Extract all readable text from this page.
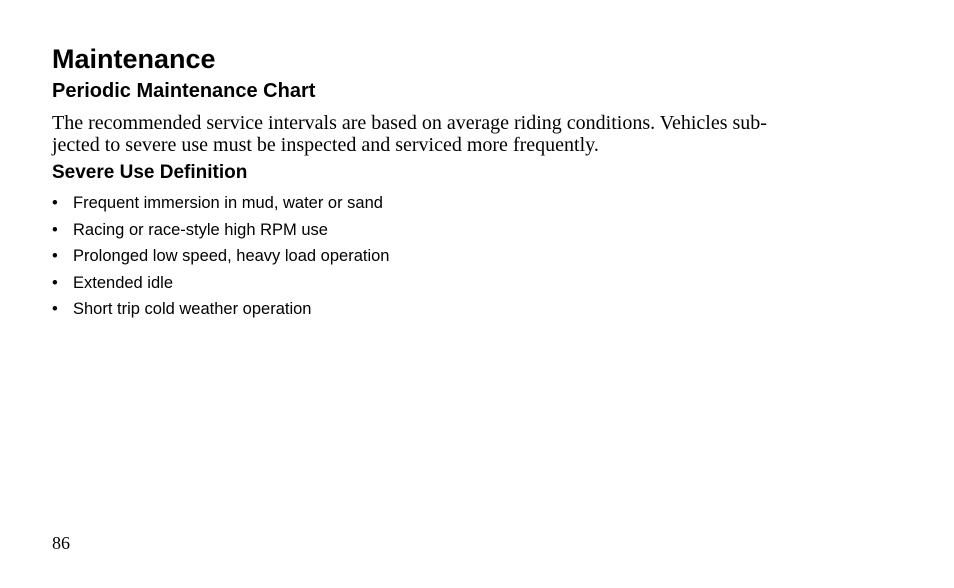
Maintenance
Periodic Maintenance Chart

The recommended service intervals are based on average riding conditions. Vehicles sub-
jected to severe use must be inspected and serviced more frequently.

Severe Use Definition
• Frequent immersion in mud, water or sand
• Racing or race-style high RPM use
• Prolonged low speed, heavy load operation
• Extended idle
• Short trip cold weather operation
86
